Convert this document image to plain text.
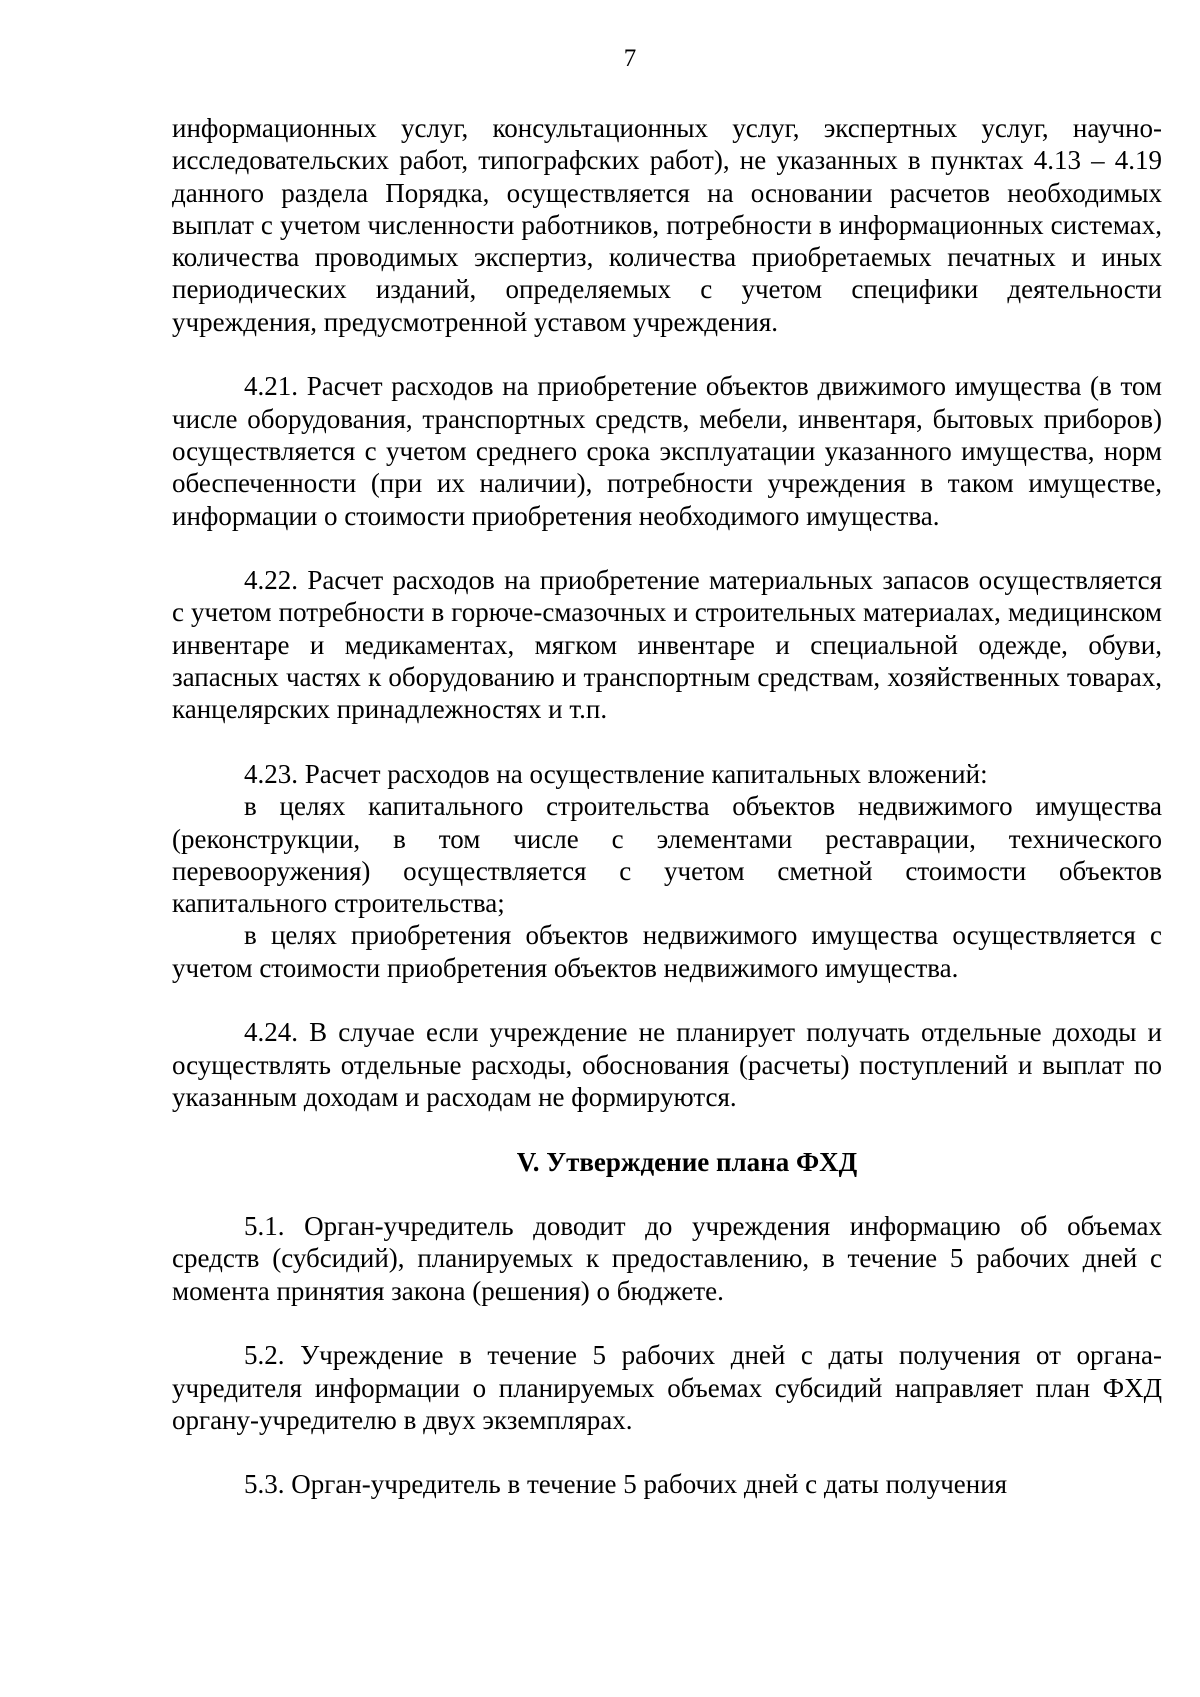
7

информационных услуг, консультационных услуг, экспертных услуг, научно-исследовательских работ, типографских работ), не указанных в пунктах 4.13 – 4.19 данного раздела Порядка, осуществляется на основании расчетов необходимых выплат с учетом численности работников, потребности в информационных системах, количества проводимых экспертиз, количества приобретаемых печатных и иных периодических изданий, определяемых с учетом специфики деятельности учреждения, предусмотренной уставом учреждения.

4.21. Расчет расходов на приобретение объектов движимого имущества (в том числе оборудования, транспортных средств, мебели, инвентаря, бытовых приборов) осуществляется с учетом среднего срока эксплуатации указанного имущества, норм обеспеченности (при их наличии), потребности учреждения в таком имуществе, информации о стоимости приобретения необходимого имущества.

4.22. Расчет расходов на приобретение материальных запасов осуществляется с учетом потребности в горюче-смазочных и строительных материалах, медицинском инвентаре и медикаментах, мягком инвентаре и специальной одежде, обуви, запасных частях к оборудованию и транспортным средствам, хозяйственных товарах, канцелярских принадлежностях и т.п.

4.23. Расчет расходов на осуществление капитальных вложений:

в целях капитального строительства объектов недвижимого имущества (реконструкции, в том числе с элементами реставрации, технического перевооружения) осуществляется с учетом сметной стоимости объектов капитального строительства;

в целях приобретения объектов недвижимого имущества осуществляется с учетом стоимости приобретения объектов недвижимого имущества.

4.24. В случае если учреждение не планирует получать отдельные доходы и осуществлять отдельные расходы, обоснования (расчеты) поступлений и выплат по указанным доходам и расходам не формируются.

V. Утверждение плана ФХД

5.1. Орган-учредитель доводит до учреждения информацию об объемах средств (субсидий), планируемых к предоставлению, в течение 5 рабочих дней с момента принятия закона (решения) о бюджете.

5.2. Учреждение в течение 5 рабочих дней с даты получения от органа-учредителя информации о планируемых объемах субсидий направляет план ФХД органу-учредителю в двух экземплярах.

5.3. Орган-учредитель в течение 5 рабочих дней с даты получения
